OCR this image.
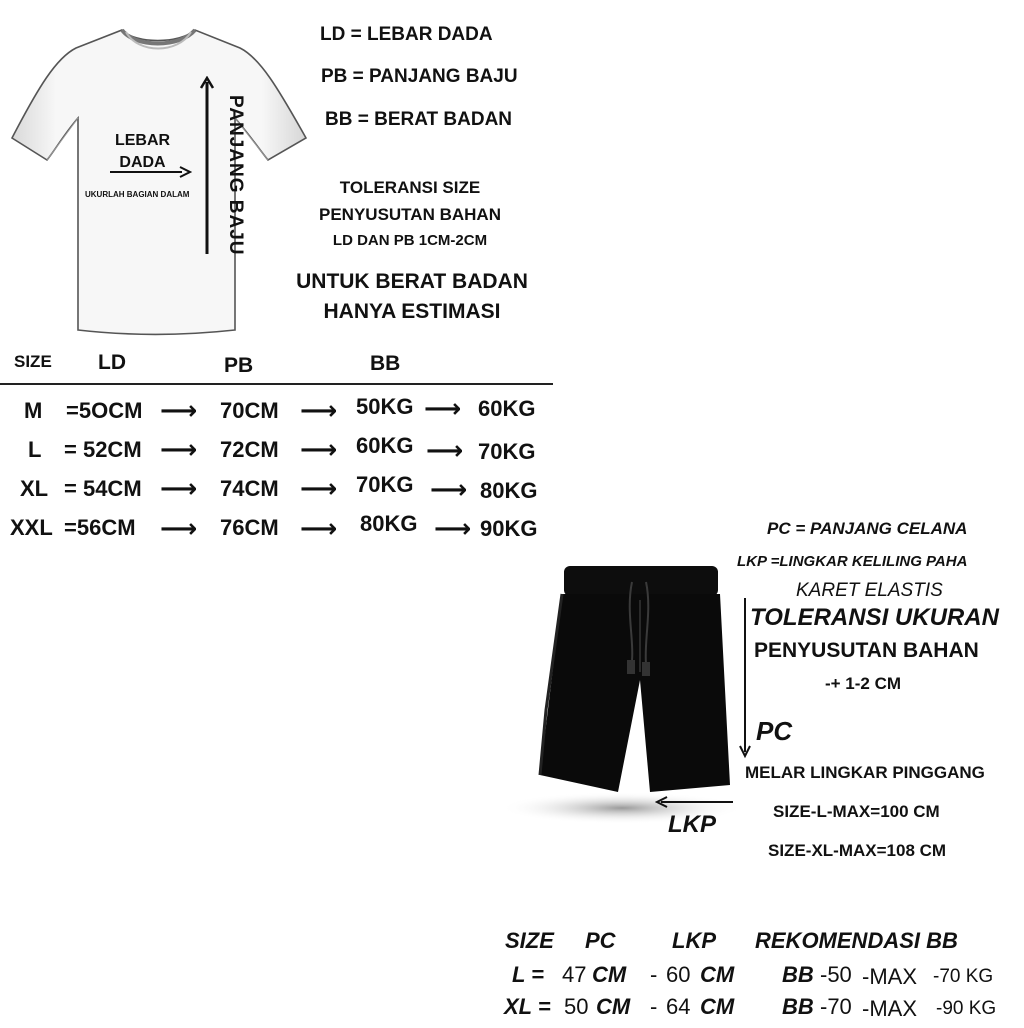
LEBAR
DADA
UKURLAH BAGIAN DALAM	PANJANG BAJU
LD = LEBAR DADA
PB = PANJANG BAJU
BB = BERAT BADAN
TOLERANSI SIZE
PENYUSUTAN BAHAN
LD DAN PB 1CM-2CM
UNTUK BERAT BADAN
HANYA ESTIMASI
SIZE LD	PB	BB
M =5OCM ⟶ 70CM ⟶ 50KG ⟶ 60KG
L = 52CM ⟶ 72CM ⟶ 60KG ⟶ 70KG
XL = 54CM ⟶ 74CM ⟶ 70KG ⟶ 80KG
XXL =56CM ⟶ 76CM ⟶ 80KG ⟶ 90KG	PC = PANJANG CELANA
LKP =LINGKAR KELILING PAHA
KARET ELASTIS
TOLERANSI UKURAN
PENYUSUTAN BAHAN
-+ 1-2 CM
PC
MELAR LINGKAR PINGGANG
SIZE-L-MAX=100 CM
LKP
SIZE-XL-MAX=108 CM
SIZE PC	LKP REKOMENDASI BB
L = 47 CM - 60 CM BB -50 -MAX -70 KG
XL = 50 CM - 64 CM BB -70 -MAX -90 KG
